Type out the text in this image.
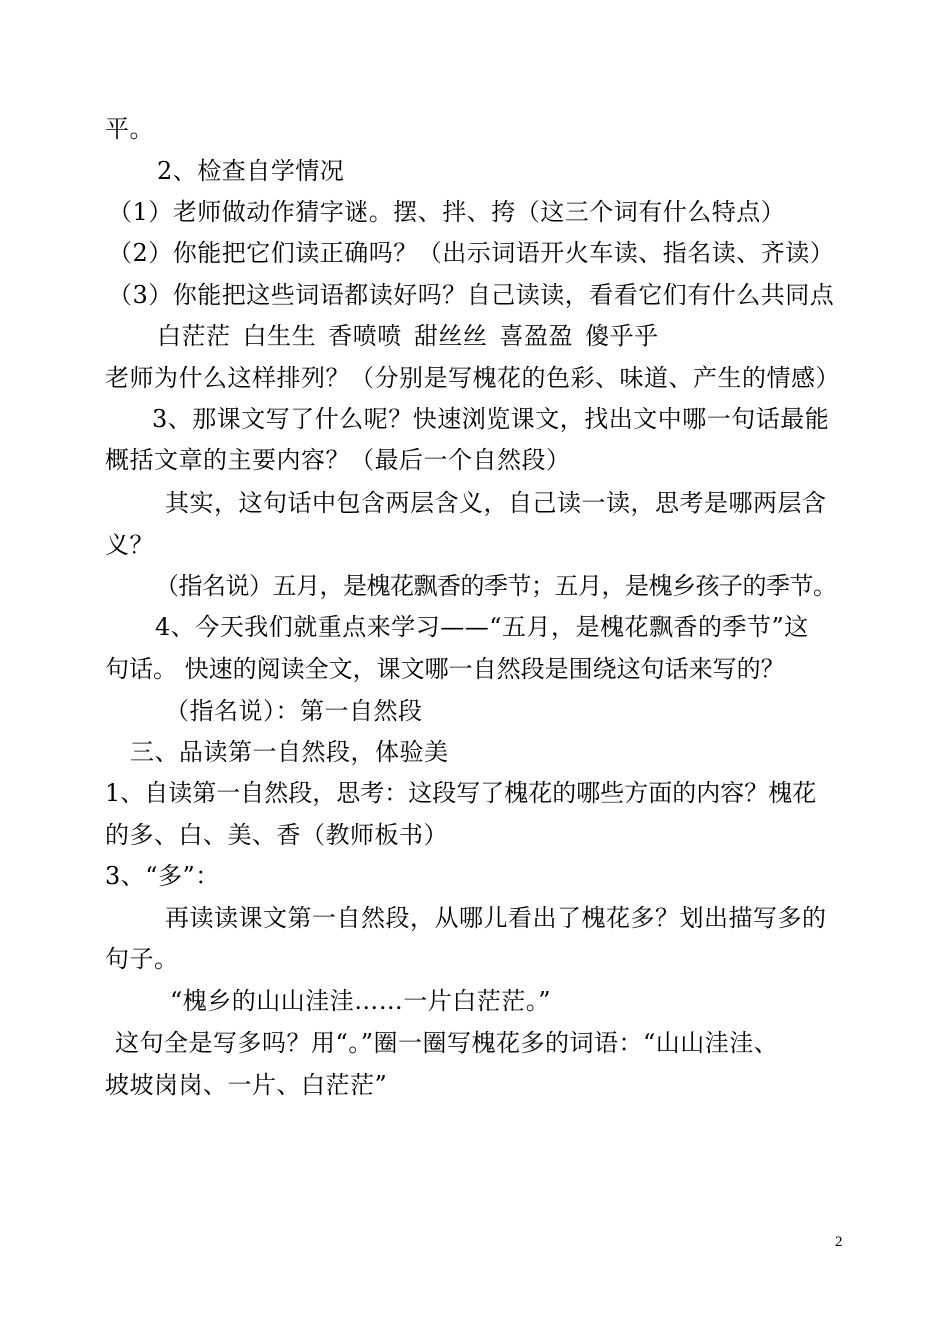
平。
2、检查自学情况
（1）老师做动作猜字谜。摆、拌、挎（这三个词有什么特点）
（2）你能把它们读正确吗？（出示词语开火车读、指名读、齐读）
（3）你能把这些词语都读好吗？自己读读，看看它们有什么共同点
白茫茫 白生生 香喷喷 甜丝丝 喜盈盈 傻乎乎
老师为什么这样排列？（分别是写槐花的色彩、味道、产生的情感）
3、那课文写了什么呢？快速浏览课文，找出文中哪一句话最能
概括文章的主要内容？（最后一个自然段）
其实，这句话中包含两层含义，自己读一读，思考是哪两层含
义？
（指名说）五月，是槐花飘香的季节；五月，是槐乡孩子的季节。
4、今天我们就重点来学习——“五月，是槐花飘香的季节”这
句话。 快速的阅读全文，课文哪一自然段是围绕这句话来写的？
（指名说）：第一自然段
三、品读第一自然段，体验美
1、自读第一自然段，思考：这段写了槐花的哪些方面的内容？槐花
的多、白、美、香（教师板书）
3、“多”：
再读读课文第一自然段，从哪儿看出了槐花多？划出描写多的
句子。
“槐乡的山山洼洼……一片白茫茫。”
这句全是写多吗？用“。”圈一圈写槐花多的词语：“山山洼洼、
坡坡岗岗、一片、白茫茫”
2
